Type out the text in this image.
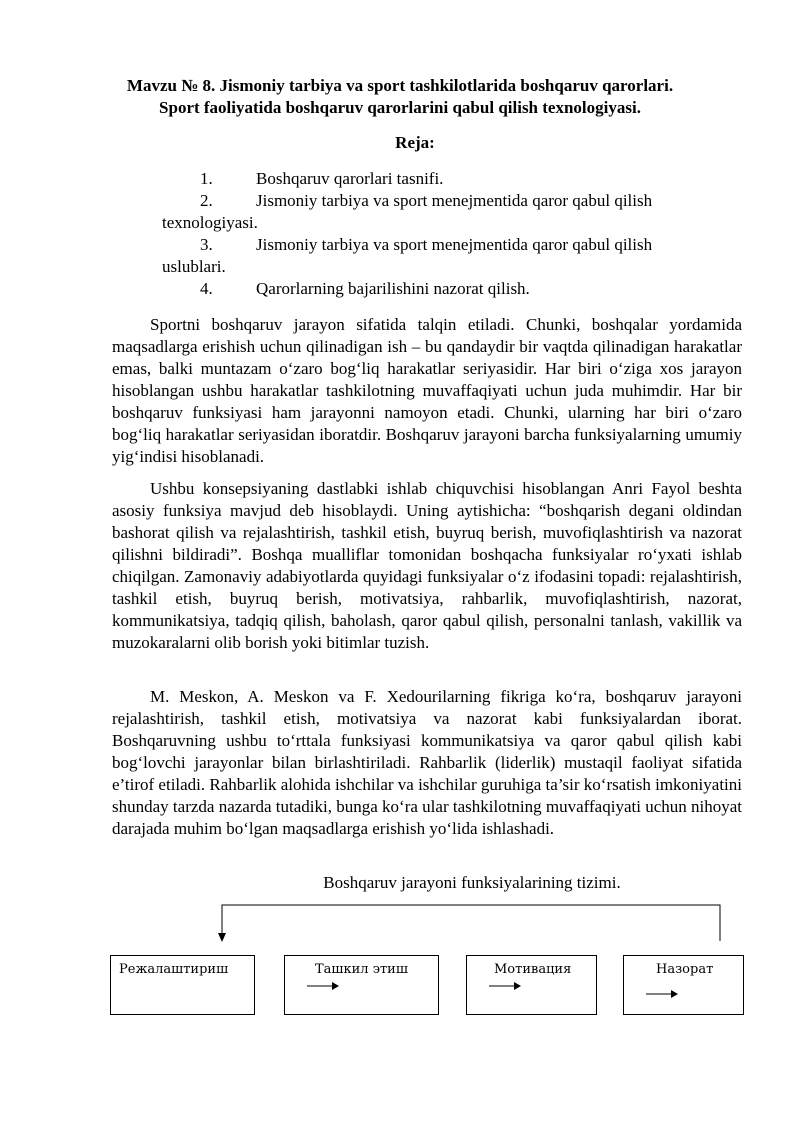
Mavzu № 8. Jismoniy tarbiya va sport tashkilotlarida boshqaruv qarorlari.
Sport faoliyatida boshqaruv qarorlarini qabul qilish texnologiyasi.

Reja:

1.	Boshqaruv qarorlari tasnifi.
2.	Jismoniy tarbiya va sport menejmentida qaror qabul qilish
texnologiyasi.
3.	Jismoniy tarbiya va sport menejmentida qaror qabul qilish
uslublari.
4.	Qarorlarning bajarilishini nazorat qilish.

Sportni boshqaruv jarayon sifatida talqin etiladi. Chunki, boshqalar yordamida maqsadlarga erishish uchun qilinadigan ish – bu qandaydir bir vaqtda qilinadigan harakatlar emas, balki muntazam o‘zaro bog‘liq harakatlar seriyasidir. Har biri o‘ziga xos jarayon hisoblangan ushbu harakatlar tashkilotning muvaffaqiyati uchun juda muhimdir. Har bir boshqaruv funksiyasi ham jarayonni namoyon etadi. Chunki, ularning har biri o‘zaro bog‘liq harakatlar seriyasidan iboratdir. Boshqaruv jarayoni barcha funksiyalarning umumiy yig‘indisi hisoblanadi.

Ushbu konsepsiyaning dastlabki ishlab chiquvchisi hisoblangan Anri Fayol beshta asosiy funksiya mavjud deb hisoblaydi. Uning aytishicha: “boshqarish degani oldindan bashorat qilish va rejalashtirish, tashkil etish, buyruq berish, muvofiqlashtirish va nazorat qilishni bildiradi”. Boshqa mualliflar tomonidan boshqacha funksiyalar ro‘yxati ishlab chiqilgan. Zamonaviy adabiyotlarda quyidagi funksiyalar o‘z ifodasini topadi: rejalashtirish, tashkil etish, buyruq berish, motivatsiya, rahbarlik, muvofiqlashtirish, nazorat, kommunikatsiya, tadqiq qilish, baholash, qaror qabul qilish, personalni tanlash, vakillik va muzokaralarni olib borish yoki bitimlar tuzish.

M. Meskon, A. Meskon va F. Xedourilarning fikriga ko‘ra, boshqaruv jarayoni rejalashtirish, tashkil etish, motivatsiya va nazorat kabi funksiyalardan iborat. Boshqaruvning ushbu to‘rttala funksiyasi kommunikatsiya va qaror qabul qilish kabi bog‘lovchi jarayonlar bilan birlashtiriladi. Rahbarlik (liderlik) mustaqil faoliyat sifatida e’tirof etiladi. Rahbarlik alohida ishchilar va ishchilar guruhiga ta’sir ko‘rsatish imkoniyatini shunday tarzda nazarda tutadiki, bunga ko‘ra ular tashkilotning muvaffaqiyati uchun nihoyat darajada muhim bo‘lgan maqsadlarga erishish yo‘lida ishlashadi.

Boshqaruv jarayoni funksiyalarining tizimi.

Режалаштириш	Ташкил этиш	Мотивация	Назорат
